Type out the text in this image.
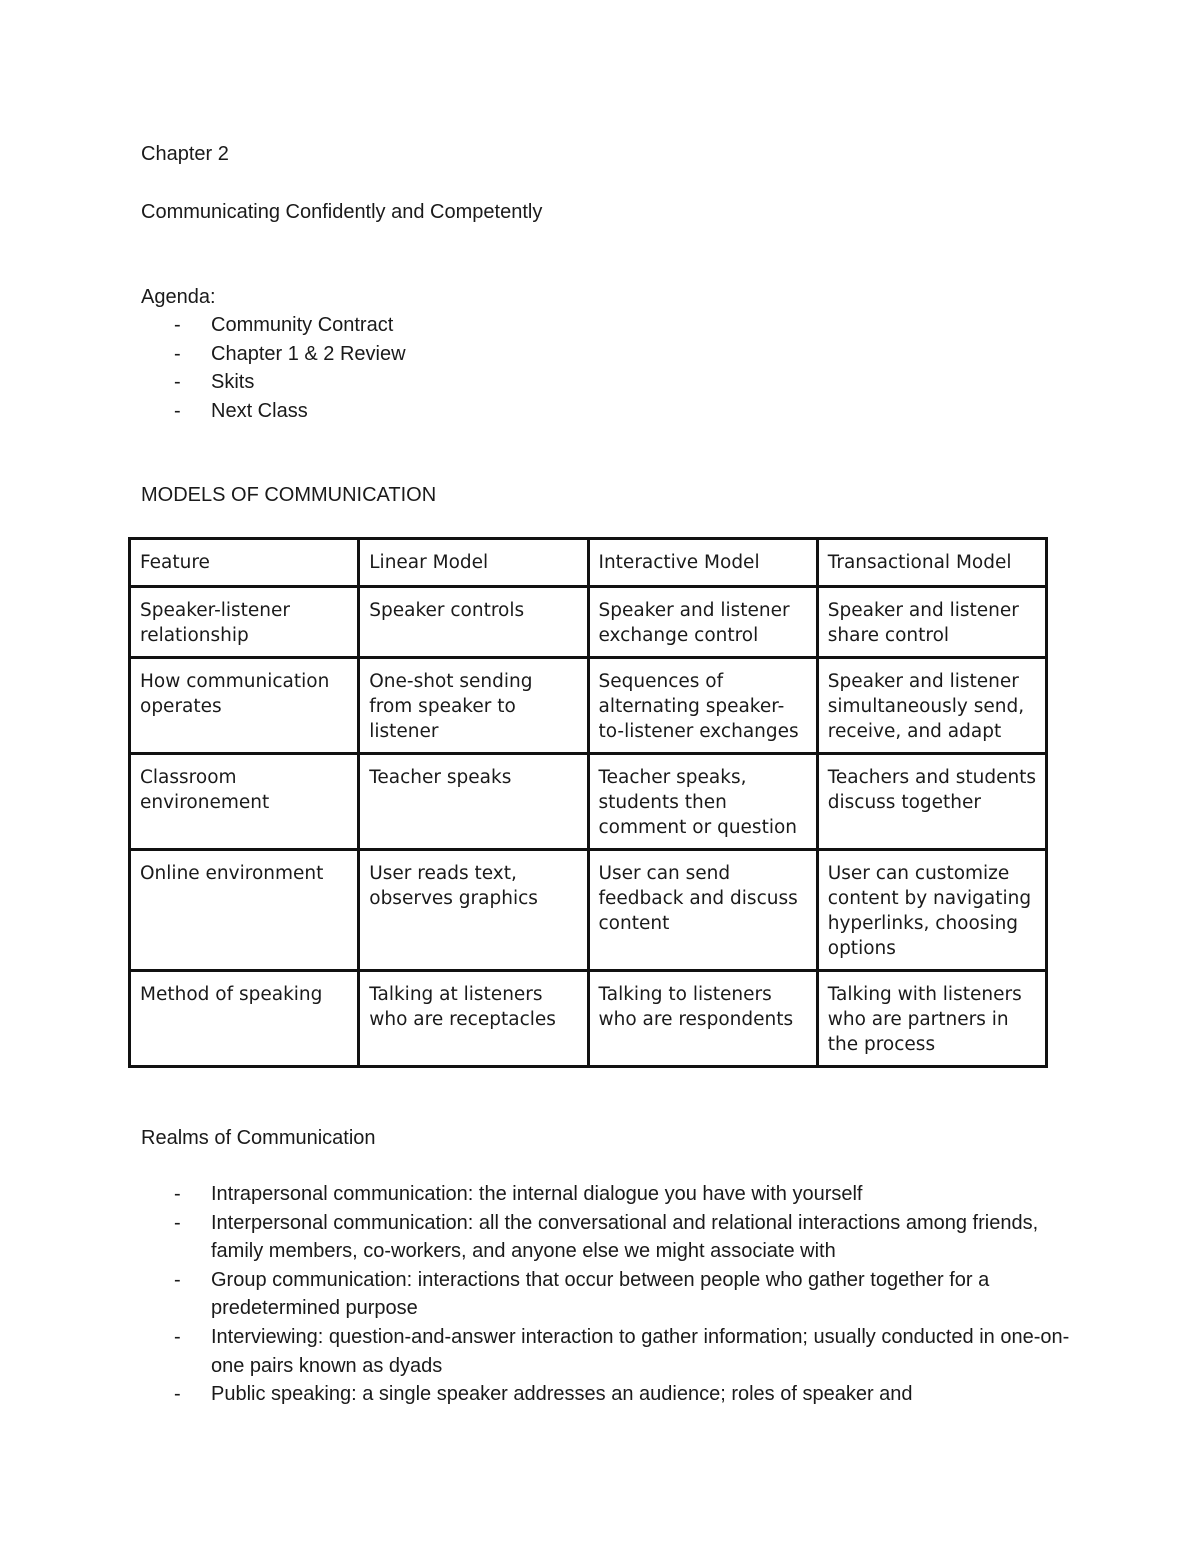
Chapter 2
Communicating Confidently and Competently
Agenda:
- Community Contract
- Chapter 1 & 2 Review
- Skits
- Next Class
MODELS OF COMMUNICATION
Feature	Linear Model	Interactive Model	Transactional Model
Speaker-listener relationship	Speaker controls	Speaker and listener exchange control	Speaker and listener share control
How communication operates	One-shot sending from speaker to listener	Sequences of alternating speaker-to-listener exchanges	Speaker and listener simultaneously send, receive, and adapt
Classroom environement	Teacher speaks	Teacher speaks, students then comment or question	Teachers and students discuss together
Online environment	User reads text, observes graphics	User can send feedback and discuss content	User can customize content by navigating hyperlinks, choosing options
Method of speaking	Talking at listeners who are receptacles	Talking to listeners who are respondents	Talking with listeners who are partners in the process
Realms of Communication
- Intrapersonal communication: the internal dialogue you have with yourself
- Interpersonal communication: all the conversational and relational interactions among friends, family members, co-workers, and anyone else we might associate with
- Group communication: interactions that occur between people who gather together for a predetermined purpose
- Interviewing: question-and-answer interaction to gather information; usually conducted in one-on-one pairs known as dyads
- Public speaking: a single speaker addresses an audience; roles of speaker and
